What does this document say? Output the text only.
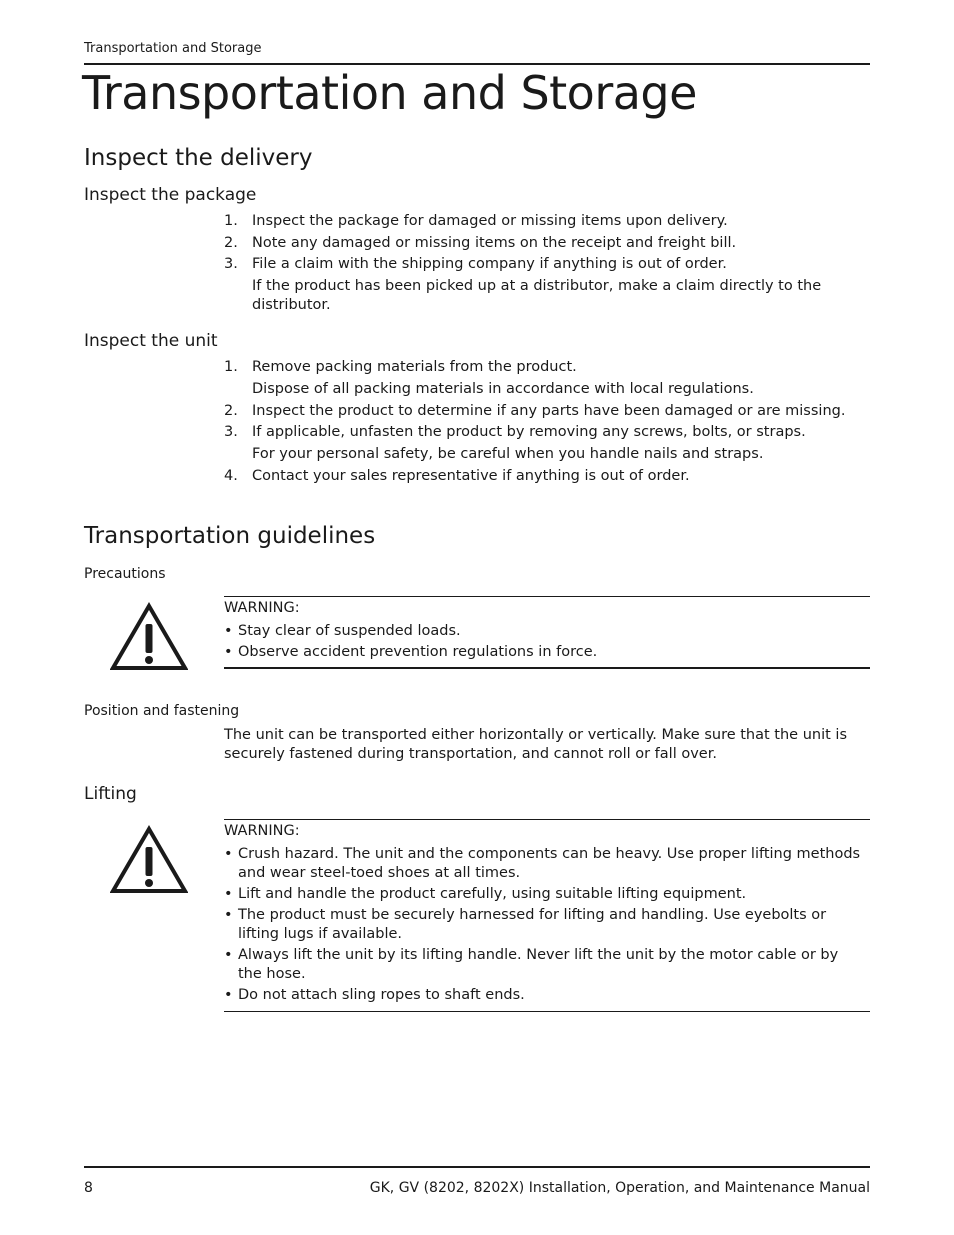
Transportation and Storage
Transportation and Storage
Inspect the delivery
Inspect the package
1. Inspect the package for damaged or missing items upon delivery.
2. Note any damaged or missing items on the receipt and freight bill.
3. File a claim with the shipping company if anything is out of order.
If the product has been picked up at a distributor, make a claim directly to the distributor.
Inspect the unit
1. Remove packing materials from the product.
Dispose of all packing materials in accordance with local regulations.
2. Inspect the product to determine if any parts have been damaged or are missing.
3. If applicable, unfasten the product by removing any screws, bolts, or straps.
For your personal safety, be careful when you handle nails and straps.
4. Contact your sales representative if anything is out of order.
Transportation guidelines
Precautions
WARNING:
• Stay clear of suspended loads.
• Observe accident prevention regulations in force.
Position and fastening
The unit can be transported either horizontally or vertically. Make sure that the unit is securely fastened during transportation, and cannot roll or fall over.
Lifting
WARNING:
• Crush hazard. The unit and the components can be heavy. Use proper lifting methods and wear steel-toed shoes at all times.
• Lift and handle the product carefully, using suitable lifting equipment.
• The product must be securely harnessed for lifting and handling. Use eyebolts or lifting lugs if available.
• Always lift the unit by its lifting handle. Never lift the unit by the motor cable or by the hose.
• Do not attach sling ropes to shaft ends.
8	GK, GV (8202, 8202X) Installation, Operation, and Maintenance Manual
